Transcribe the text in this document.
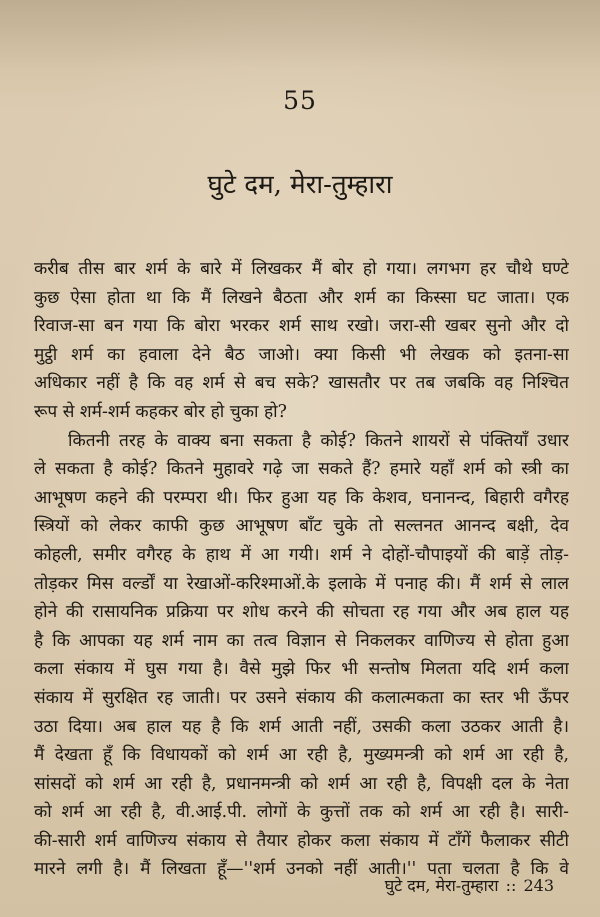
55
घुटे दम, मेरा-तुम्हारा
करीब तीस बार शर्म के बारे में लिखकर मैं बोर हो गया। लगभग हर चौथे घण्टे
कुछ ऐसा होता था कि मैं लिखने बैठता और शर्म का किस्सा घट जाता। एक
रिवाज-सा बन गया कि बोरा भरकर शर्म साथ रखो। जरा-सी खबर सुनो और दो
मुट्ठी शर्म का हवाला देने बैठ जाओ। क्या किसी भी लेखक को इतना-सा
अधिकार नहीं है कि वह शर्म से बच सके? खासतौर पर तब जबकि वह निश्चित
रूप से शर्म-शर्म कहकर बोर हो चुका हो?
कितनी तरह के वाक्य बना सकता है कोई? कितने शायरों से पंक्तियाँ उधार
ले सकता है कोई? कितने मुहावरे गढ़े जा सकते हैं? हमारे यहाँ शर्म को स्त्री का
आभूषण कहने की परम्परा थी। फिर हुआ यह कि केशव, घनानन्द, बिहारी वगैरह
स्त्रियों को लेकर काफी कुछ आभूषण बाँट चुके तो सल्तनत आनन्द बक्षी, देव
कोहली, समीर वगैरह के हाथ में आ गयी। शर्म ने दोहों-चौपाइयों की बाड़ें तोड़-
तोड़कर मिस वर्ल्डों या रेखाओं-करिश्माओं.के इलाके में पनाह की। मैं शर्म से लाल
होने की रासायनिक प्रक्रिया पर शोध करने की सोचता रह गया और अब हाल यह
है कि आपका यह शर्म नाम का तत्व विज्ञान से निकलकर वाणिज्य से होता हुआ
कला संकाय में घुस गया है। वैसे मुझे फिर भी सन्तोष मिलता यदि शर्म कला
संकाय में सुरक्षित रह जाती। पर उसने संकाय की कलात्मकता का स्तर भी ऊँपर
उठा दिया। अब हाल यह है कि शर्म आती नहीं, उसकी कला उठकर आती है।
मैं देखता हूँ कि विधायकों को शर्म आ रही है, मुख्यमन्त्री को शर्म आ रही है,
सांसदों को शर्म आ रही है, प्रधानमन्त्री को शर्म आ रही है, विपक्षी दल के नेता
को शर्म आ रही है, वी.आई.पी. लोगों के कुत्तों तक को शर्म आ रही है। सारी-
की-सारी शर्म वाणिज्य संकाय से तैयार होकर कला संकाय में टाँगें फैलाकर सीटी
मारने लगी है। मैं लिखता हूँ—''शर्म उनको नहीं आती।'' पता चलता है कि वे
घुटे दम, मेरा-तुम्हारा :: 243
